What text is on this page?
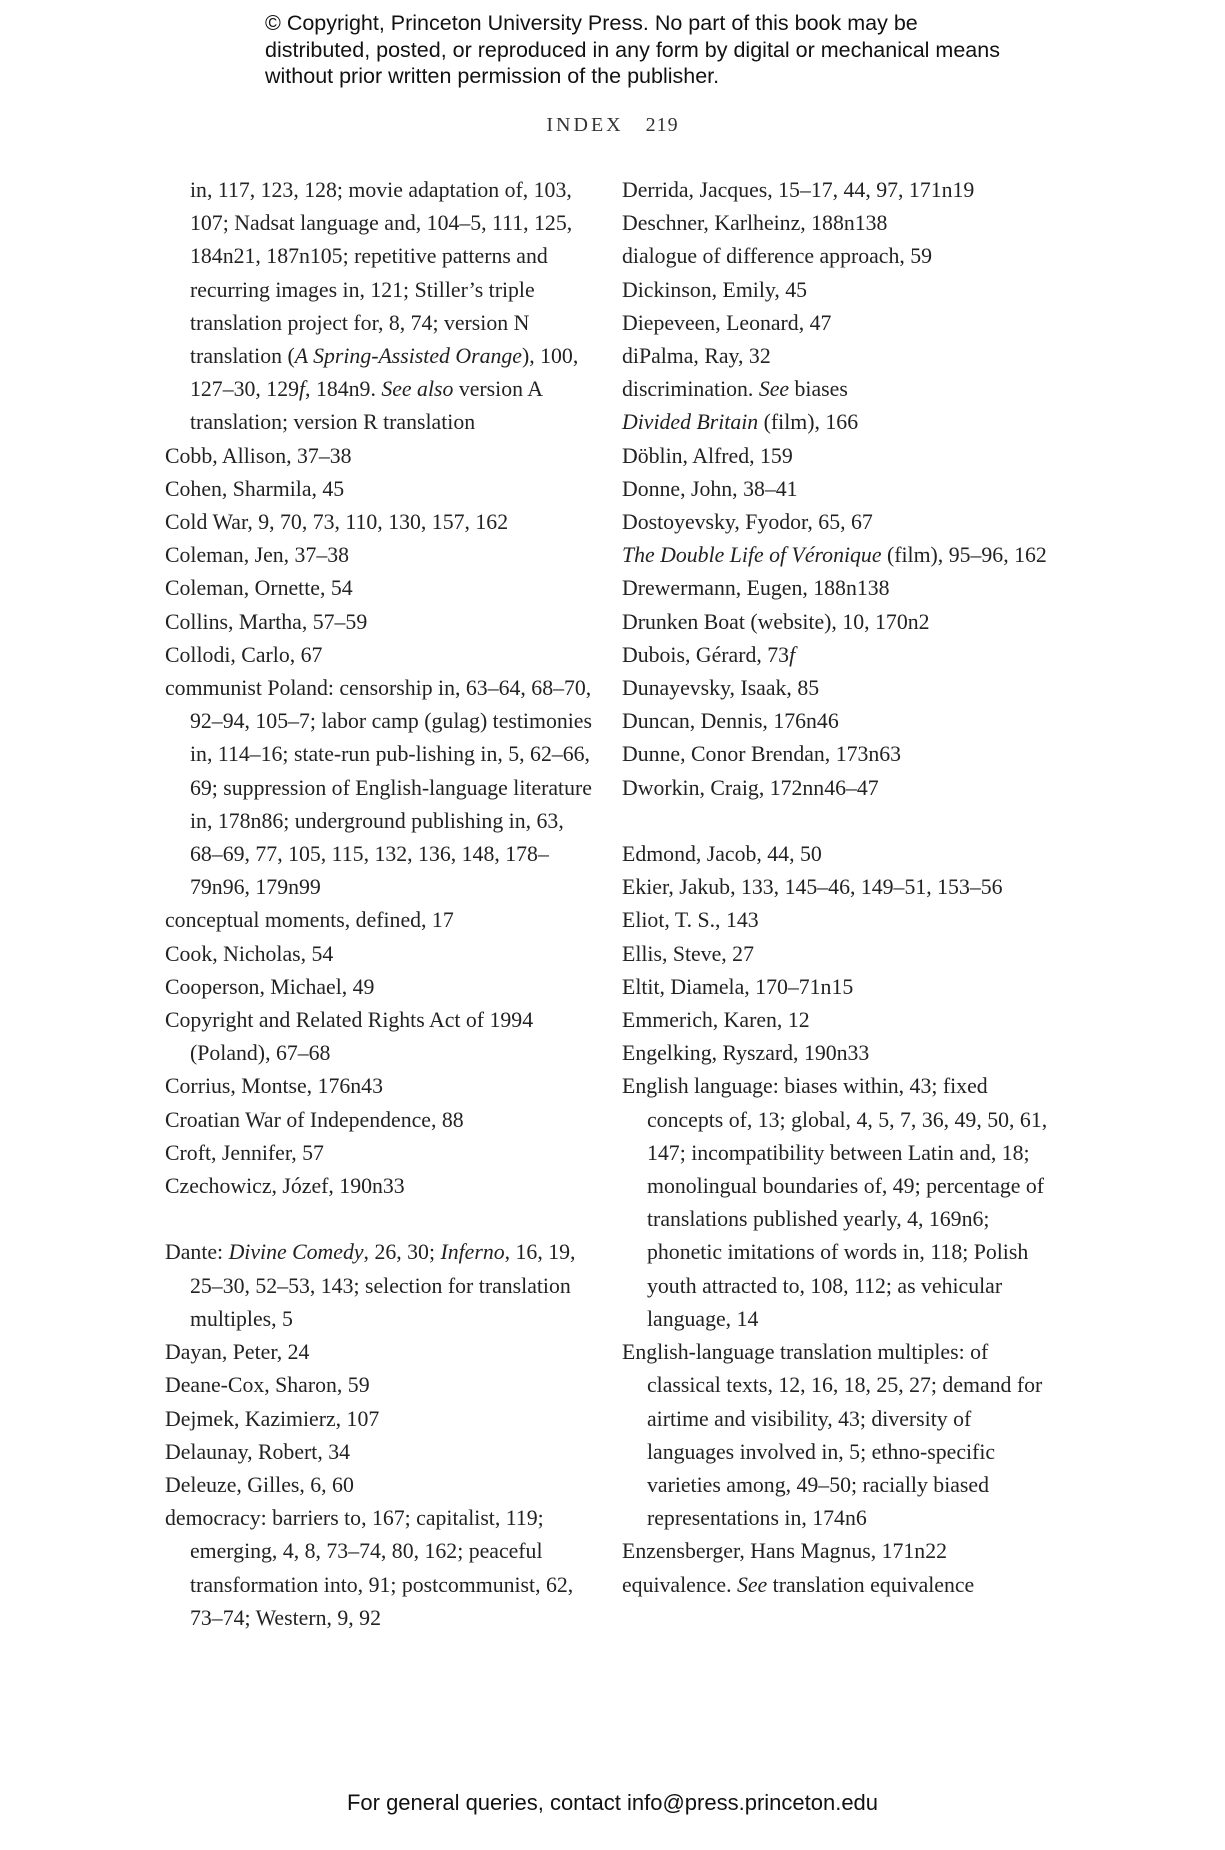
© Copyright, Princeton University Press. No part of this book may be distributed, posted, or reproduced in any form by digital or mechanical means without prior written permission of the publisher.
INDEX 219
in, 117, 123, 128; movie adaptation of, 103, 107; Nadsat language and, 104–5, 111, 125, 184n21, 187n105; repetitive patterns and recurring images in, 121; Stiller’s triple translation project for, 8, 74; version N translation (A Spring-Assisted Orange), 100, 127–30, 129f, 184n9. See also version A translation; version R translation
Cobb, Allison, 37–38
Cohen, Sharmila, 45
Cold War, 9, 70, 73, 110, 130, 157, 162
Coleman, Jen, 37–38
Coleman, Ornette, 54
Collins, Martha, 57–59
Collodi, Carlo, 67
communist Poland: censorship in, 63–64, 68–70, 92–94, 105–7; labor camp (gulag) testimonies in, 114–16; state-run pub-lishing in, 5, 62–66, 69; suppression of English-language literature in, 178n86; underground publishing in, 63, 68–69, 77, 105, 115, 132, 136, 148, 178–79n96, 179n99
conceptual moments, defined, 17
Cook, Nicholas, 54
Cooperson, Michael, 49
Copyright and Related Rights Act of 1994 (Poland), 67–68
Corrius, Montse, 176n43
Croatian War of Independence, 88
Croft, Jennifer, 57
Czechowicz, Józef, 190n33
Dante: Divine Comedy, 26, 30; Inferno, 16, 19, 25–30, 52–53, 143; selection for translation multiples, 5
Dayan, Peter, 24
Deane-Cox, Sharon, 59
Dejmek, Kazimierz, 107
Delaunay, Robert, 34
Deleuze, Gilles, 6, 60
democracy: barriers to, 167; capitalist, 119; emerging, 4, 8, 73–74, 80, 162; peaceful transformation into, 91; postcommunist, 62, 73–74; Western, 9, 92
Derrida, Jacques, 15–17, 44, 97, 171n19
Deschner, Karlheinz, 188n138
dialogue of difference approach, 59
Dickinson, Emily, 45
Diepeveen, Leonard, 47
diPalma, Ray, 32
discrimination. See biases
Divided Britain (film), 166
Döblin, Alfred, 159
Donne, John, 38–41
Dostoyevsky, Fyodor, 65, 67
The Double Life of Véronique (film), 95–96, 162
Drewermann, Eugen, 188n138
Drunken Boat (website), 10, 170n2
Dubois, Gérard, 73f
Dunayevsky, Isaak, 85
Duncan, Dennis, 176n46
Dunne, Conor Brendan, 173n63
Dworkin, Craig, 172nn46–47
Edmond, Jacob, 44, 50
Ekier, Jakub, 133, 145–46, 149–51, 153–56
Eliot, T. S., 143
Ellis, Steve, 27
Eltit, Diamela, 170–71n15
Emmerich, Karen, 12
Engelking, Ryszard, 190n33
English language: biases within, 43; fixed concepts of, 13; global, 4, 5, 7, 36, 49, 50, 61, 147; incompatibility between Latin and, 18; monolingual boundaries of, 49; percentage of translations published yearly, 4, 169n6; phonetic imitations of words in, 118; Polish youth attracted to, 108, 112; as vehicular language, 14
English-language translation multiples: of classical texts, 12, 16, 18, 25, 27; demand for airtime and visibility, 43; diversity of languages involved in, 5; ethno-specific varieties among, 49–50; racially biased representations in, 174n6
Enzensberger, Hans Magnus, 171n22
equivalence. See translation equivalence
For general queries, contact info@press.princeton.edu
